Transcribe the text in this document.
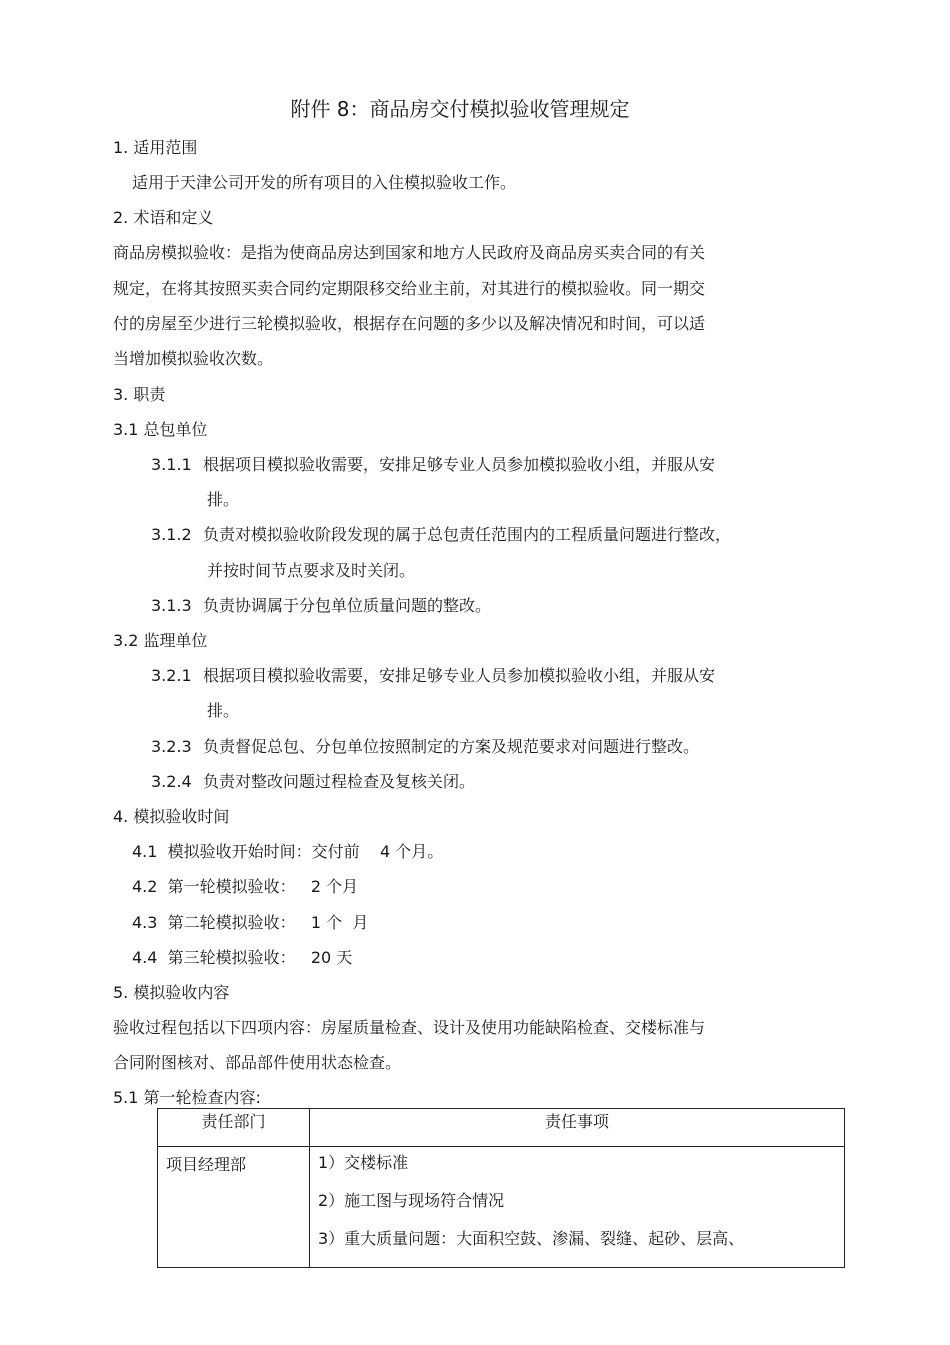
附件 8：商品房交付模拟验收管理规定
1. 适用范围
适用于天津公司开发的所有项目的入住模拟验收工作。
2. 术语和定义
商品房模拟验收：是指为使商品房达到国家和地方人民政府及商品房买卖合同的有关
规定，在将其按照买卖合同约定期限移交给业主前，对其进行的模拟验收。同一期交
付的房屋至少进行三轮模拟验收，根据存在问题的多少以及解决情况和时间，可以适
当增加模拟验收次数。
3. 职责
3.1 总包单位
3.1.1 根据项目模拟验收需要，安排足够专业人员参加模拟验收小组，并服从安
排。
3.1.2 负责对模拟验收阶段发现的属于总包责任范围内的工程质量问题进行整改，
并按时间节点要求及时关闭。
3.1.3 负责协调属于分包单位质量问题的整改。
3.2 监理单位
3.2.1 根据项目模拟验收需要，安排足够专业人员参加模拟验收小组，并服从安
排。
3.2.3 负责督促总包、分包单位按照制定的方案及规范要求对问题进行整改。
3.2.4 负责对整改问题过程检查及复核关闭。
4. 模拟验收时间
4.1  模拟验收开始时间：交付前    4 个月。
4.2  第一轮模拟验收：   2 个月
4.3  第二轮模拟验收：   1 个  月
4.4  第三轮模拟验收：   20 天
5. 模拟验收内容
验收过程包括以下四项内容：房屋质量检查、设计及使用功能缺陷检查、交楼标准与
合同附图核对、部品部件使用状态检查。
5.1 第一轮检查内容:
责任部门	责任事项
项目经理部	1）交楼标准
2）施工图与现场符合情况
3）重大质量问题：大面积空鼓、渗漏、裂缝、起砂、层高、
